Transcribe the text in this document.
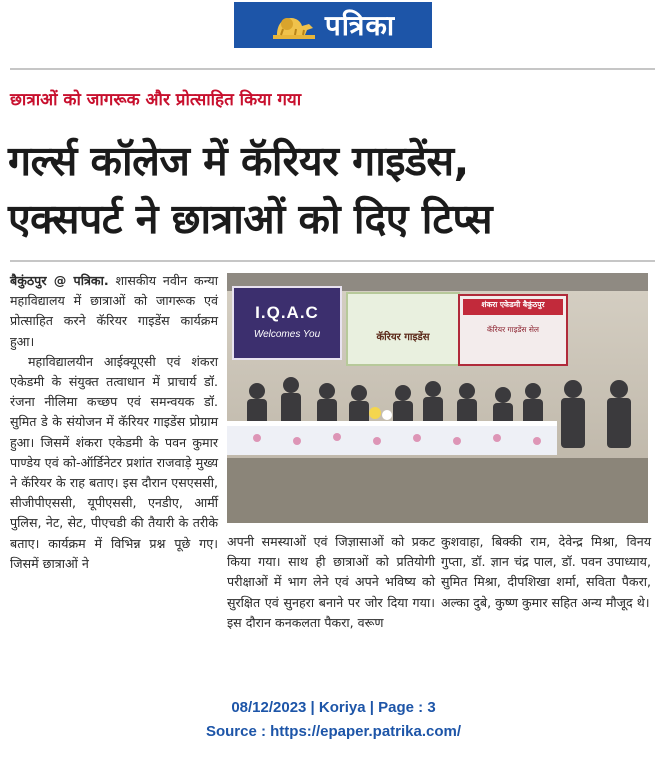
पत्रिका
छात्राओं को जागरूक और प्रोत्साहित किया गया
गर्ल्स कॉलेज में कॅरियर गाइडेंस,
एक्सपर्ट ने छात्राओं को दिए टिप्स

बैकुंठपुर @ पत्रिका. शासकीय नवीन कन्या महाविद्यालय में छात्राओं को जागरूक एवं प्रोत्साहित करने कॅरियर गाइडेंस कार्यक्रम हुआ।

महाविद्यालयीन आईक्यूएसी एवं शंकरा एकेडमी के संयुक्त तत्वाधान में प्राचार्य डॉ. रंजना नीलिमा कच्छप एवं समन्वयक डॉ. सुमित डे के संयोजन में कॅरियर गाइडेंस प्रोग्राम हुआ। जिसमें शंकरा एकेडमी के पवन कुमार पाण्डेय एवं को-ऑर्डिनेटर प्रशांत राजवाड़े मुख्य ने कॅरियर के राह बताए। इस दौरान एसएससी, सीजीपीएससी, यूपीएससी, एनडीए, आर्मी पुलिस, नेट, सेट, पीएचडी की तैयारी के तरीके बताए। कार्यक्रम में विभिन्न प्रश्न पूछे गए। जिसमें छात्राओं ने

I.Q.A.C
Welcomes You	कॅरियर गाइडेंस
शंकरा एकेडमी बैकुंठपुर
कॅरियर गाइडेंस सेल

अपनी समस्याओं एवं जिज्ञासाओं को प्रकट किया गया। साथ ही छात्राओं को प्रतियोगी परीक्षाओं में भाग लेने एवं अपने भविष्य को सुरक्षित एवं सुनहरा बनाने पर जोर दिया गया। इस दौरान कनकलता पैकरा, वरूण

कुशवाहा, बिक्की राम, देवेन्द्र मिश्रा, विनय गुप्ता, डॉ. ज्ञान चंद्र पाल, डॉ. पवन उपाध्याय, सुमित मिश्रा, दीपशिखा शर्मा, सविता पैकरा, अल्का दुबे, कुष्ण कुमार सहित अन्य मौजूद थे।

08/12/2023 | Koriya | Page : 3
Source : https://epaper.patrika.com/
